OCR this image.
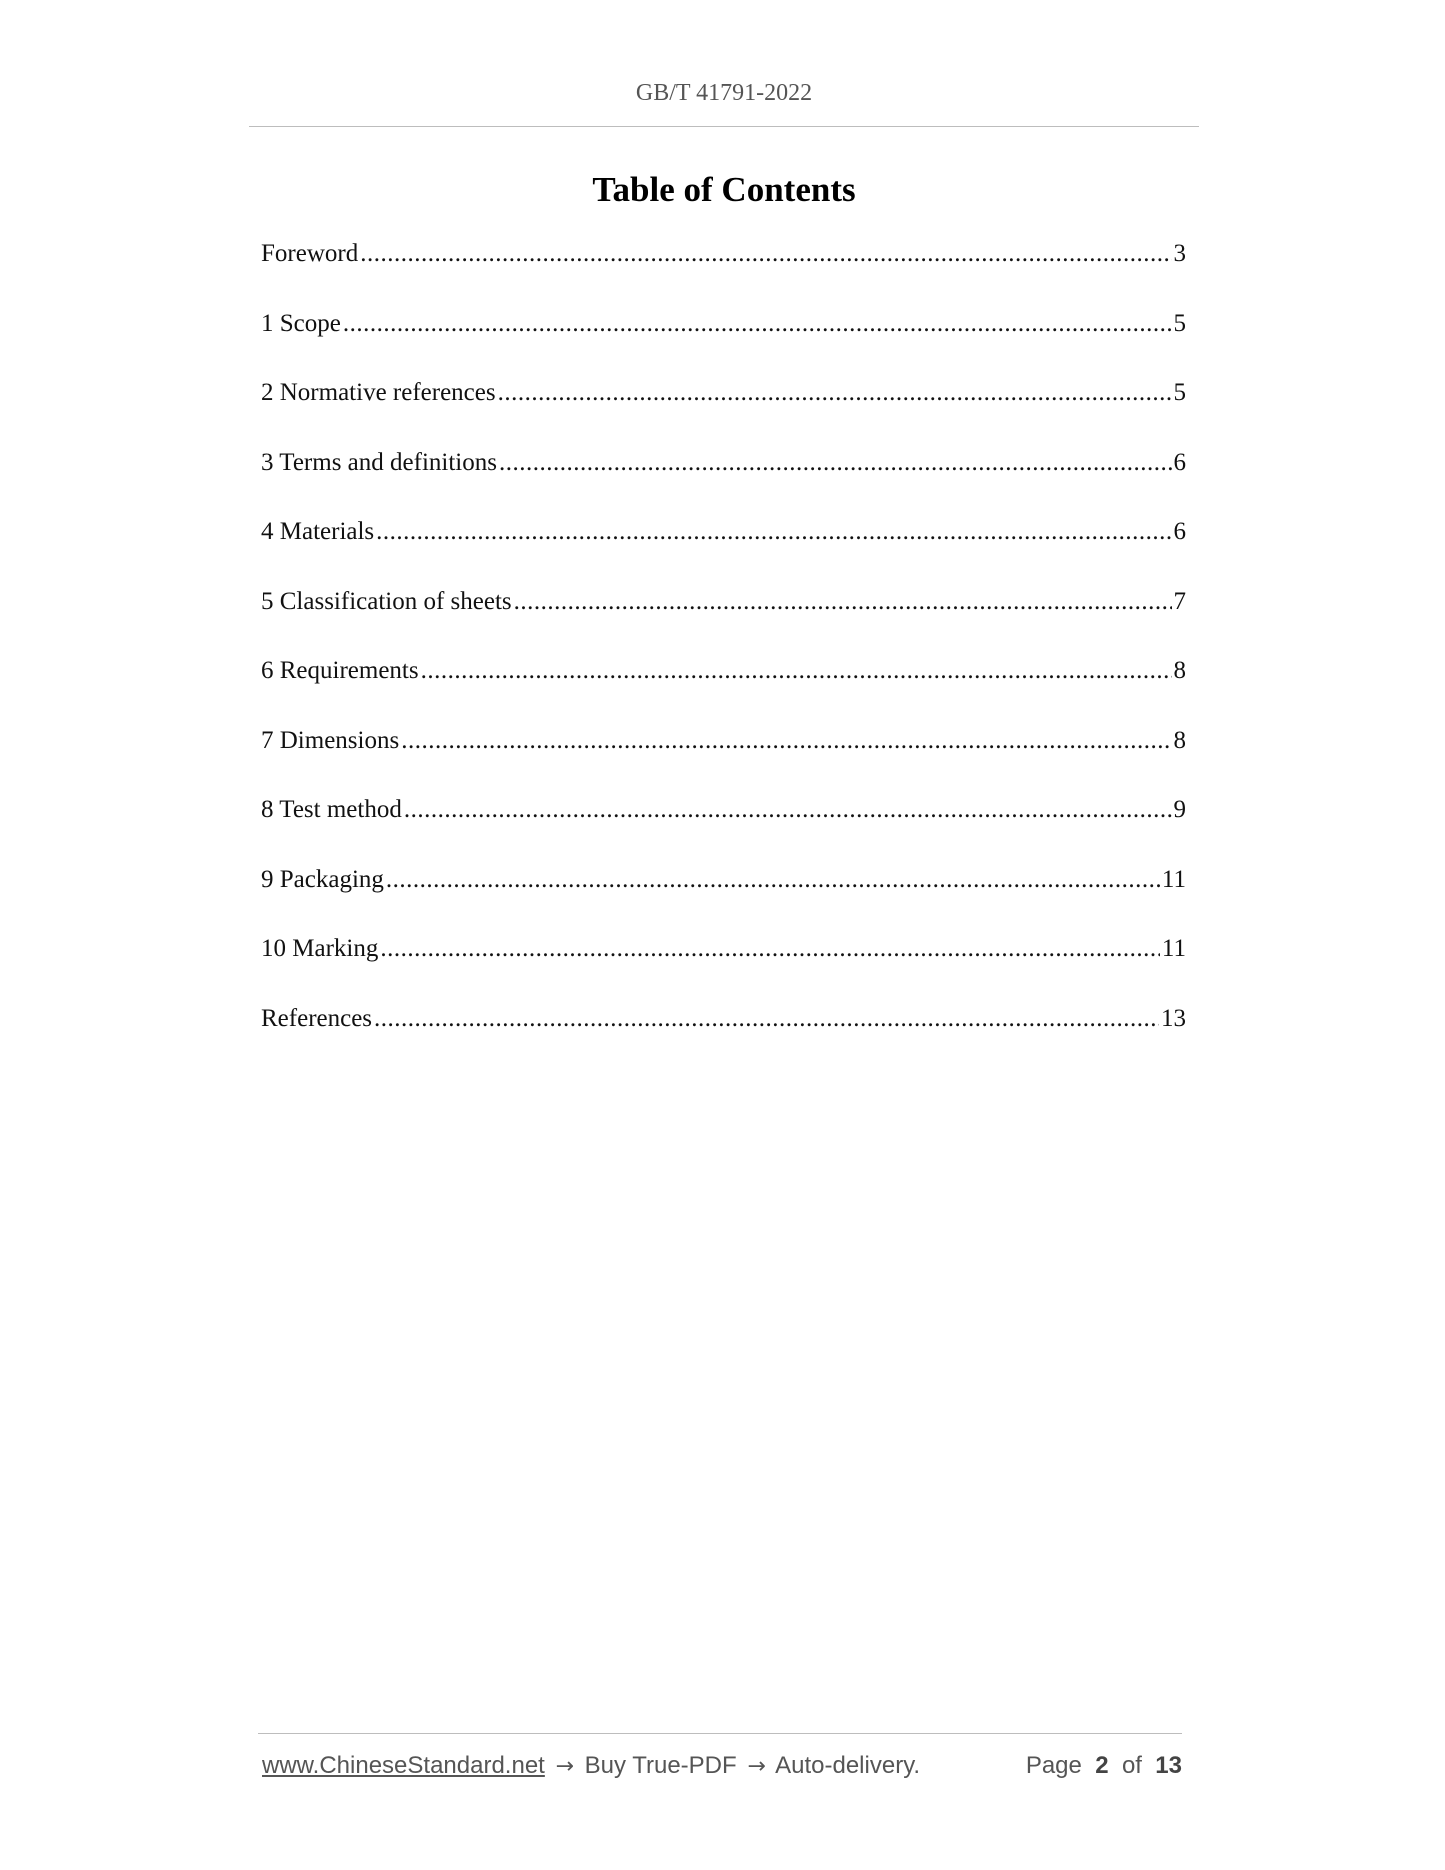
GB/T 41791-2022
Table of Contents
Foreword .....	3
1 Scope .....	5
2 Normative references .....	5
3 Terms and definitions .....	6
4 Materials .....	6
5 Classification of sheets .....	7
6 Requirements .....	8
7 Dimensions .....	8
8 Test method .....	9
9 Packaging .....	11
10 Marking .....	11
References .....	13
www.ChineseStandard.net → Buy True-PDF → Auto-delivery.	Page 2 of 13
